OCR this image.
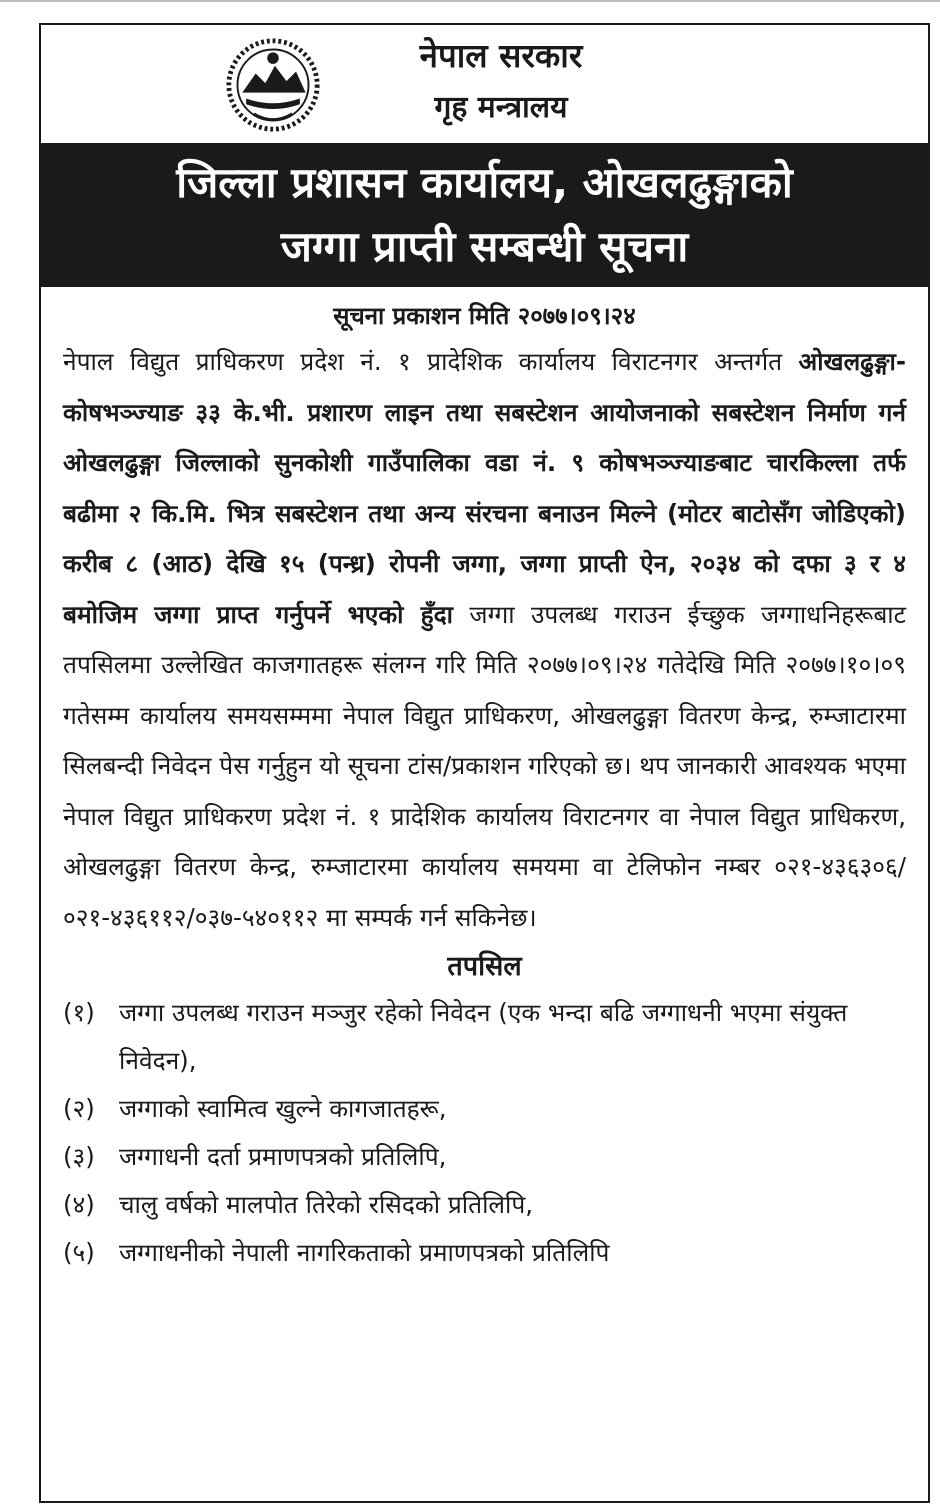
नेपाल सरकार
गृह मन्त्रालय
जिल्ला प्रशासन कार्यालय, ओखलढुङ्गाको
जग्गा प्राप्ती सम्बन्धी सूचना
सूचना प्रकाशन मिति २०७७।०९।२४
नेपाल विद्युत प्राधिकरण प्रदेश नं. १ प्रादेशिक कार्यालय विराटनगर अन्तर्गत ओखलढुङ्गा-कोषभञ्ज्याङ ३३ के.भी. प्रशारण लाइन तथा सबस्टेशन आयोजनाको सबस्टेशन निर्माण गर्न ओखलढुङ्गा जिल्लाको सुनकोशी गाउँपालिका वडा नं. ९ कोषभञ्ज्याङबाट चारकिल्ला तर्फ बढीमा २ कि.मि. भित्र सबस्टेशन तथा अन्य संरचना बनाउन मिल्ने (मोटर बाटोसँग जोडिएको) करीब ८ (आठ) देखि १५ (पन्ध्र) रोपनी जग्गा, जग्गा प्राप्ती ऐन, २०३४ को दफा ३ र ४ बमोजिम जग्गा प्राप्त गर्नुपर्ने भएको हुँदा जग्गा उपलब्ध गराउन ईच्छुक जग्गाधनिहरूबाट तपसिलमा उल्लेखित काजगातहरू संलग्न गरि मिति २०७७।०९।२४ गतेदेखि मिति २०७७।१०।०९ गतेसम्म कार्यालय समयसम्ममा नेपाल विद्युत प्राधिकरण, ओखलढुङ्गा वितरण केन्द्र, रुम्जाटारमा सिलबन्दी निवेदन पेस गर्नुहुन यो सूचना टांस/प्रकाशन गरिएको छ। थप जानकारी आवश्यक भएमा नेपाल विद्युत प्राधिकरण प्रदेश नं. १ प्रादेशिक कार्यालय विराटनगर वा नेपाल विद्युत प्राधिकरण, ओखलढुङ्गा वितरण केन्द्र, रुम्जाटारमा कार्यालय समयमा वा टेलिफोन नम्बर ०२१-४३६३०६/ ०२१-४३६११२/०३७-५४०११२ मा सम्पर्क गर्न सकिनेछ।
तपसिल
(१) जग्गा उपलब्ध गराउन मञ्जुर रहेको निवेदन (एक भन्दा बढि जग्गाधनी भएमा संयुक्त निवेदन),
(२) जग्गाको स्वामित्व खुल्ने कागजातहरू,
(३) जग्गाधनी दर्ता प्रमाणपत्रको प्रतिलिपि,
(४) चालु वर्षको मालपोत तिरेको रसिदको प्रतिलिपि,
(५) जग्गाधनीको नेपाली नागरिकताको प्रमाणपत्रको प्रतिलिपि
